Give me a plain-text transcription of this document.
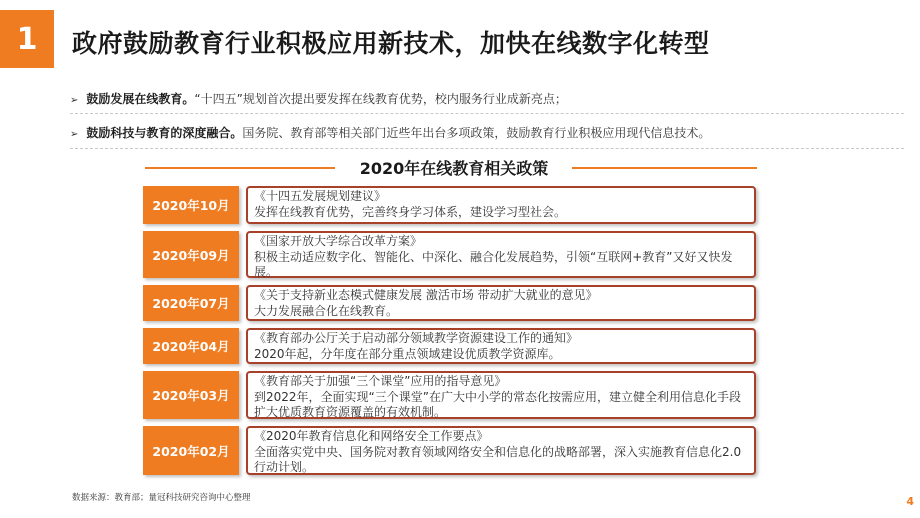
1	政府鼓励教育行业积极应用新技术，加快在线数字化转型
➢ 鼓励发展在线教育。“十四五”规划首次提出要发挥在线教育优势，校内服务行业成新亮点；
➢ 鼓励科技与教育的深度融合。国务院、教育部等相关部门近些年出台多项政策，鼓励教育行业积极应用现代信息技术。
2020年在线教育相关政策
2020年10月
《十四五发展规划建议》
发挥在线教育优势，完善终身学习体系，建设学习型社会。
2020年09月
《国家开放大学综合改革方案》
积极主动适应数字化、智能化、中深化、融合化发展趋势，引领“互联网+教育”又好又快发展。
2020年07月
《关于支持新业态模式健康发展 激活市场 带动扩大就业的意见》
大力发展融合化在线教育。
2020年04月
《教育部办公厅关于启动部分领域教学资源建设工作的通知》
2020年起，分年度在部分重点领域建设优质教学资源库。
2020年03月
《教育部关于加强“三个课堂”应用的指导意见》
到2022年，全面实现“三个课堂”在广大中小学的常态化按需应用，建立健全利用信息化手段扩大优质教育资源覆盖的有效机制。
2020年02月
《2020年教育信息化和网络安全工作要点》
全面落实党中央、国务院对教育领域网络安全和信息化的战略部署，深入实施教育信息化2.0行动计划。
数据来源：教育部；量冠科技研究咨询中心整理	4
